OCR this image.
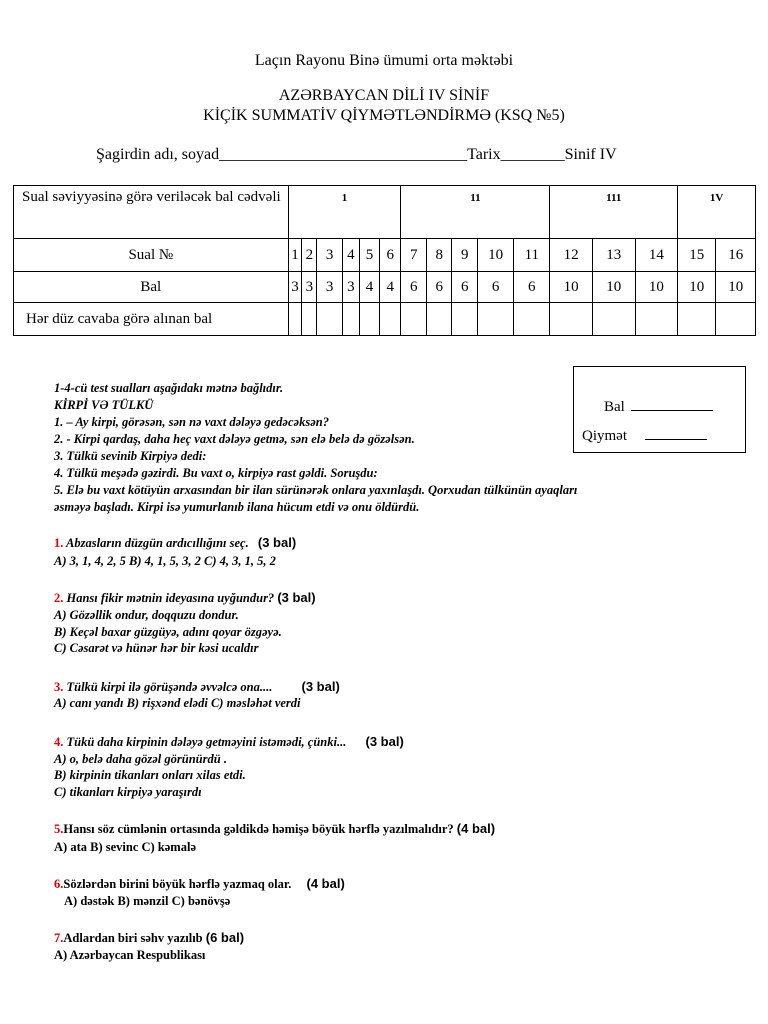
Laçın Rayonu Binə ümumi orta məktəbi
AZƏRBAYCAN DİLİ IV SİNİF
KİÇİK SUMMATİV QİYMƏTLƏNDİRMƏ (KSQ №5)
Şagirdin adı, soyad_______________________________Tarix________Sinif IV
Sual səviyyəsinə görə veriləcək bal cədvəli	1						11					111			1V	
Sual №	1	2	3	4	5	6	7	8	9	10	11	12	13	14	15	16
Bal	3	3	3	3	4	4	6	6	6	6	6	10	10	10	10	10
Hər düz cavaba görə alınan bal																
Bal
Qiymət
1-4-cü test sualları aşağıdakı mətnə bağlıdır.
KİRPİ VƏ TÜLKÜ
1. – Ay kirpi, görəsən, sən nə vaxt dələyə gedəcəksən?
2. - Kirpi qardaş, daha heç vaxt dələyə getmə, sən elə belə də gözəlsən.
3. Tülkü sevinib Kirpiyə dedi:
4. Tülkü meşədə gəzirdi. Bu vaxt o, kirpiyə rast gəldi. Soruşdu:
5. Elə bu vaxt kötüyün arxasından bir ilan sürünərək onlara yaxınlaşdı. Qorxudan tülkünün ayaqları
əsməyə başladı. Kirpi isə yumurlanıb ilana hücum etdi və onu öldürdü.
1. Abzasların düzgün ardıcıllığını seç. (3 bal)
A) 3, 1, 4, 2, 5 B) 4, 1, 5, 3, 2 C) 4, 3, 1, 5, 2
2. Hansı fikir mətnin ideyasına uyğundur? (3 bal)
A) Gözəllik ondur, doqquzu dondur.
B) Keçəl baxar güzgüyə, adını qoyar özgəyə.
C) Cəsarət və hünər hər bir kəsi ucaldır
3. Tülkü kirpi ilə görüşəndə əvvəlcə ona.... (3 bal)
A) canı yandı B) rişxənd elədi C) məsləhət verdi
4. Tükü daha kirpinin dələyə getməyini istəmədi, çünki... (3 bal)
A) o, belə daha gözəl görünürdü .
B) kirpinin tikanları onları xilas etdi.
C) tikanları kirpiyə yaraşırdı
5.Hansı söz cümlənin ortasında gəldikdə həmişə böyük hərflə yazılmalıdır? (4 bal)
A) ata B) sevinc C) kəmalə
6.Sözlərdən birini böyük hərflə yazmaq olar. (4 bal)
A) dəstək B) mənzil C) bənövşə
7.Adlardan biri səhv yazılıb (6 bal)
A) Azərbaycan Respublikası
